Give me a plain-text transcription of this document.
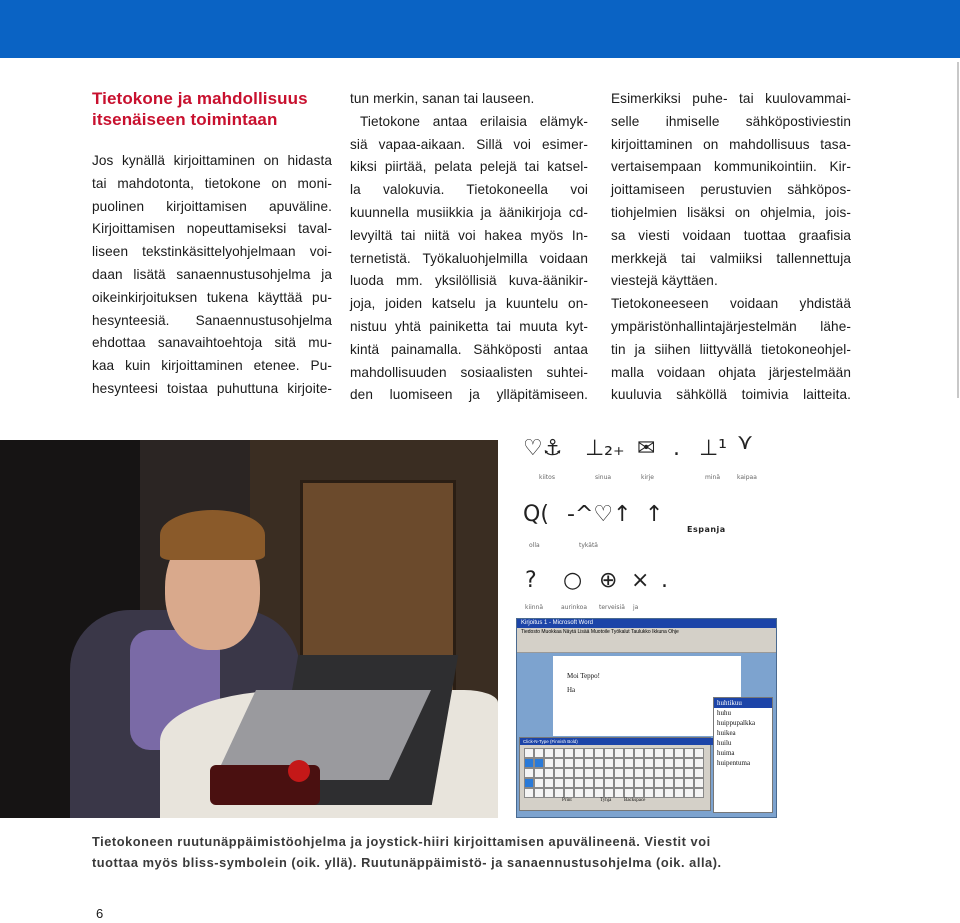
Tietokone ja mahdollisuus
itsenäiseen toimintaan

Jos kynällä kirjoittaminen on hidasta
tai mahdotonta, tietokone on moni-
puolinen kirjoittamisen apuväline.
Kirjoittamisen nopeuttamiseksi taval-
liseen tekstinkäsittelyohjelmaan voi-
daan lisätä sanaennustusohjelma ja
oikeinkirjoituksen tukena käyttää pu-
hesynteesiä. Sanaennustusohjelma
ehdottaa sanavaihtoehtoja sitä mu-
kaa kuin kirjoittaminen etenee. Pu-
hesynteesi toistaa puhuttuna kirjoite-

tun merkin, sanan tai lauseen.
Tietokone antaa erilaisia elämyk-
siä vapaa-aikaan. Sillä voi esimer-
kiksi piirtää, pelata pelejä tai katsel-
la valokuvia. Tietokoneella voi
kuunnella musiikkia ja äänikirjoja cd-
levyiltä tai niitä voi hakea myös In-
ternetistä. Työkaluohjelmilla voidaan
luoda mm. yksilöllisiä kuva-äänikir-
joja, joiden katselu ja kuuntelu on-
nistuu yhtä painiketta tai muuta kyt-
kintä painamalla. Sähköposti antaa
mahdollisuuden sosiaalisten suhtei-
den luomiseen ja ylläpitämiseen.

Esimerkiksi puhe- tai kuulovammai-
selle ihmiselle sähköpostiviestin
kirjoittaminen on mahdollisuus tasa-
vertaisempaan kommunikointiin. Kir-
joittamiseen perustuvien sähköpos-
tiohjelmien lisäksi on ohjelmia, jois-
sa viesti voidaan tuottaa graafisia
merkkejä tai valmiiksi tallennettuja
viestejä käyttäen.
Tietokoneeseen voidaan yhdistää
ympäristönhallintajärjestelmän lähe-
tin ja siihen liittyvällä tietokoneohjel-
malla voidaan ohjata järjestelmään
kuuluvia sähköllä toimivia laitteita.

♡⚓ ⊥₂₊ ✉ . ⊥¹ ⋎
kiitos	sinua	kirje	minä	kaipaa
Q( -^♡↑ ↑
Espanja
olla	tykätä
? ○ ⊕ × .
kiinnä	aurinkoa terveisiä ja
Kirjoitus 1 - Microsoft Word
Tiedosto Muokkaa Näytä Lisää Muotoile Työkalut Taulukko Ikkuna Ohje
Moi Teppo!
Ha
Click-N-Type (Finnish Bold)
Print	Tyhjä	Backspace
huhtikuu
huhu
huippupalkka
huikea
huilu
huima
huipentuma

Tietokoneen ruutunäppäimistöohjelma ja joystick-hiiri kirjoittamisen apuvälineenä. Viestit voi

tuottaa myös bliss-symbolein (oik. yllä). Ruutunäppäimistö- ja sanaennustusohjelma (oik. alla).

6
